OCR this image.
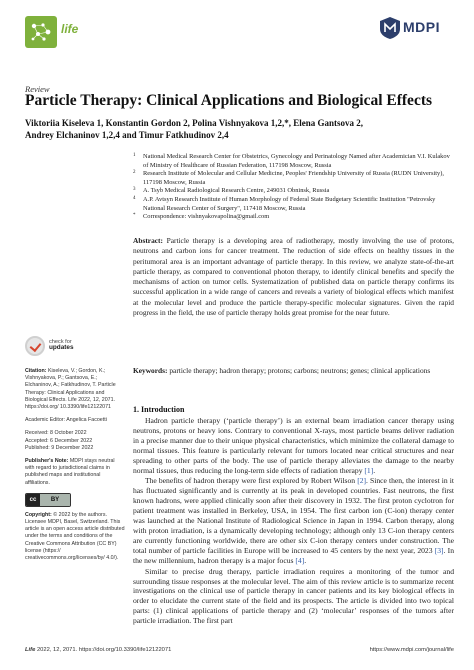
life	MDPI
Review
Particle Therapy: Clinical Applications and Biological Effects
Viktoriia Kiseleva 1, Konstantin Gordon 2, Polina Vishnyakova 1,2,*, Elena Gantsova 2,
Andrey Elchaninov 1,2,4 and Timur Fatkhudinov 2,4
1 National Medical Research Center for Obstetrics, Gynecology and Perinatology Named after Academician V.I. Kulakov of Ministry of Healthcare of Russian Federation, 117198 Moscow, Russia
2 Research Institute of Molecular and Cellular Medicine, Peoples' Friendship University of Russia (RUDN University), 117198 Moscow, Russia
3 A. Tsyb Medical Radiological Research Centre, 249031 Obninsk, Russia
4 A.P. Avtsyn Research Institute of Human Morphology of Federal State Budgetary Scientific Institution "Petrovsky National Research Center of Surgery", 117418 Moscow, Russia
* Correspondence: vishnyakovapolina@gmail.com
Abstract: Particle therapy is a developing area of radiotherapy, mostly involving the use of protons, neutrons and carbon ions for cancer treatment. The reduction of side effects on healthy tissues in the peritumoral area is an important advantage of particle therapy. In this review, we analyze state-of-the-art particle therapy, as compared to conventional photon therapy, to identify clinical benefits and specify the mechanisms of action on tumor cells. Systematization of published data on particle therapy confirms its successful application in a wide range of cancers and reveals a variety of biological effects which manifest at the molecular level and produce the particle therapy-specific molecular signatures. Given the rapid progress in the field, the use of particle therapy holds great promise for the near future.
Keywords: particle therapy; hadron therapy; protons; carbons; neutrons; genes; clinical applications
check for
updates
Citation: Kiseleva, V.; Gordon, K.; Vishnyakova, P.; Gantsova, E.; Elchaninov, A.; Fatkhudinov, T. Particle Therapy: Clinical Applications and Biological Effects. Life 2022, 12, 2071. https://doi.org/ 10.3390/life12122071
Academic Editor: Angelica Facoetti
Received: 8 October 2022
Accepted: 6 December 2022
Published: 9 December 2022
Publisher's Note: MDPI stays neutral with regard to jurisdictional claims in published maps and institutional affiliations.
cc	BY
Copyright: © 2022 by the authors. Licensee MDPI, Basel, Switzerland. This article is an open access article distributed under the terms and conditions of the Creative Commons Attribution (CC BY) license (https:// creativecommons.org/licenses/by/ 4.0/).
1. Introduction

Hadron particle therapy (‘particle therapy’) is an external beam irradiation cancer therapy using neutrons, protons or heavy ions. Contrary to conventional X-rays, most particle beams deliver radiation in a precise manner due to their unique physical characteristics, which minimize the collateral damage to normal tissues. This feature is particularly relevant for tumors located near critical structures and near spreading to other parts of the body. The use of particle therapy alleviates the damage to the nearby normal tissues, thus reducing the long-term side effects of radiation therapy [1].

The benefits of hadron therapy were first explored by Robert Wilson [2]. Since then, the interest in it has fluctuated significantly and is currently at its peak in developed countries. Fast neutrons, the first known hadrons, were applied clinically soon after their discovery in 1932. The first proton cyclotron for patient treatment was installed in Berkeley, USA, in 1954. The first carbon ion (C-ion) therapy center was launched at the National Institute of Radiological Science in Japan in 1994. Carbon therapy, along with proton irradiation, is a dynamically developing technology; although only 13 C-ion therapy centers are currently functioning worldwide, there are other six C-ion therapy centers under construction. The total number of particle facilities in Europe will be increased to 45 centers by the next year, 2023 [3]. In the new millennium, hadron therapy is a major focus [4].

Similar to precise drug therapy, particle irradiation requires a monitoring of the tumor and surrounding tissue responses at the molecular level. The aim of this review article is to summarize recent investigations on the clinical use of particle therapy in cancer patients and its key biological effects in order to elucidate the current state of the field and its prospects. The article is divided into two topical parts: (1) clinical applications of particle therapy and (2) ‘molecular’ responses of the tumors after particle irradiation. The first part

Life 2022, 12, 2071. https://doi.org/10.3390/life12122071	https://www.mdpi.com/journal/life
